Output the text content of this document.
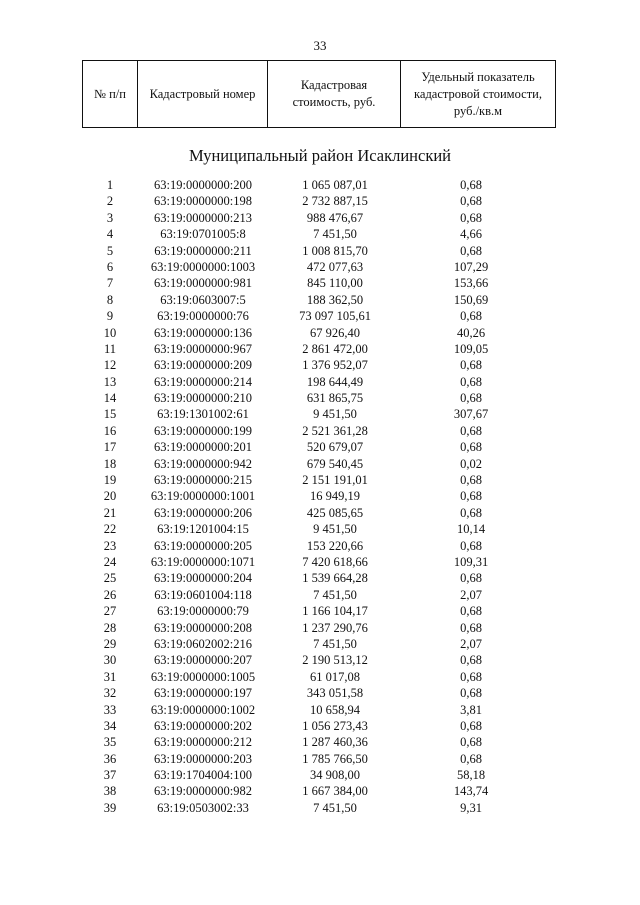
33
№ п/п	Кадастровый номер	Кадастровая стоимость, руб.	Удельный показатель кадастровой стоимости, руб./кв.м
Муниципальный район Исаклинский
1	63:19:0000000:200	1 065 087,01	0,68
2	63:19:0000000:198	2 732 887,15	0,68
3	63:19:0000000:213	988 476,67	0,68
4	63:19:0701005:8	7 451,50	4,66
5	63:19:0000000:211	1 008 815,70	0,68
6	63:19:0000000:1003	472 077,63	107,29
7	63:19:0000000:981	845 110,00	153,66
8	63:19:0603007:5	188 362,50	150,69
9	63:19:0000000:76	73 097 105,61	0,68
10	63:19:0000000:136	67 926,40	40,26
11	63:19:0000000:967	2 861 472,00	109,05
12	63:19:0000000:209	1 376 952,07	0,68
13	63:19:0000000:214	198 644,49	0,68
14	63:19:0000000:210	631 865,75	0,68
15	63:19:1301002:61	9 451,50	307,67
16	63:19:0000000:199	2 521 361,28	0,68
17	63:19:0000000:201	520 679,07	0,68
18	63:19:0000000:942	679 540,45	0,02
19	63:19:0000000:215	2 151 191,01	0,68
20	63:19:0000000:1001	16 949,19	0,68
21	63:19:0000000:206	425 085,65	0,68
22	63:19:1201004:15	9 451,50	10,14
23	63:19:0000000:205	153 220,66	0,68
24	63:19:0000000:1071	7 420 618,66	109,31
25	63:19:0000000:204	1 539 664,28	0,68
26	63:19:0601004:118	7 451,50	2,07
27	63:19:0000000:79	1 166 104,17	0,68
28	63:19:0000000:208	1 237 290,76	0,68
29	63:19:0602002:216	7 451,50	2,07
30	63:19:0000000:207	2 190 513,12	0,68
31	63:19:0000000:1005	61 017,08	0,68
32	63:19:0000000:197	343 051,58	0,68
33	63:19:0000000:1002	10 658,94	3,81
34	63:19:0000000:202	1 056 273,43	0,68
35	63:19:0000000:212	1 287 460,36	0,68
36	63:19:0000000:203	1 785 766,50	0,68
37	63:19:1704004:100	34 908,00	58,18
38	63:19:0000000:982	1 667 384,00	143,74
39	63:19:0503002:33	7 451,50	9,31
